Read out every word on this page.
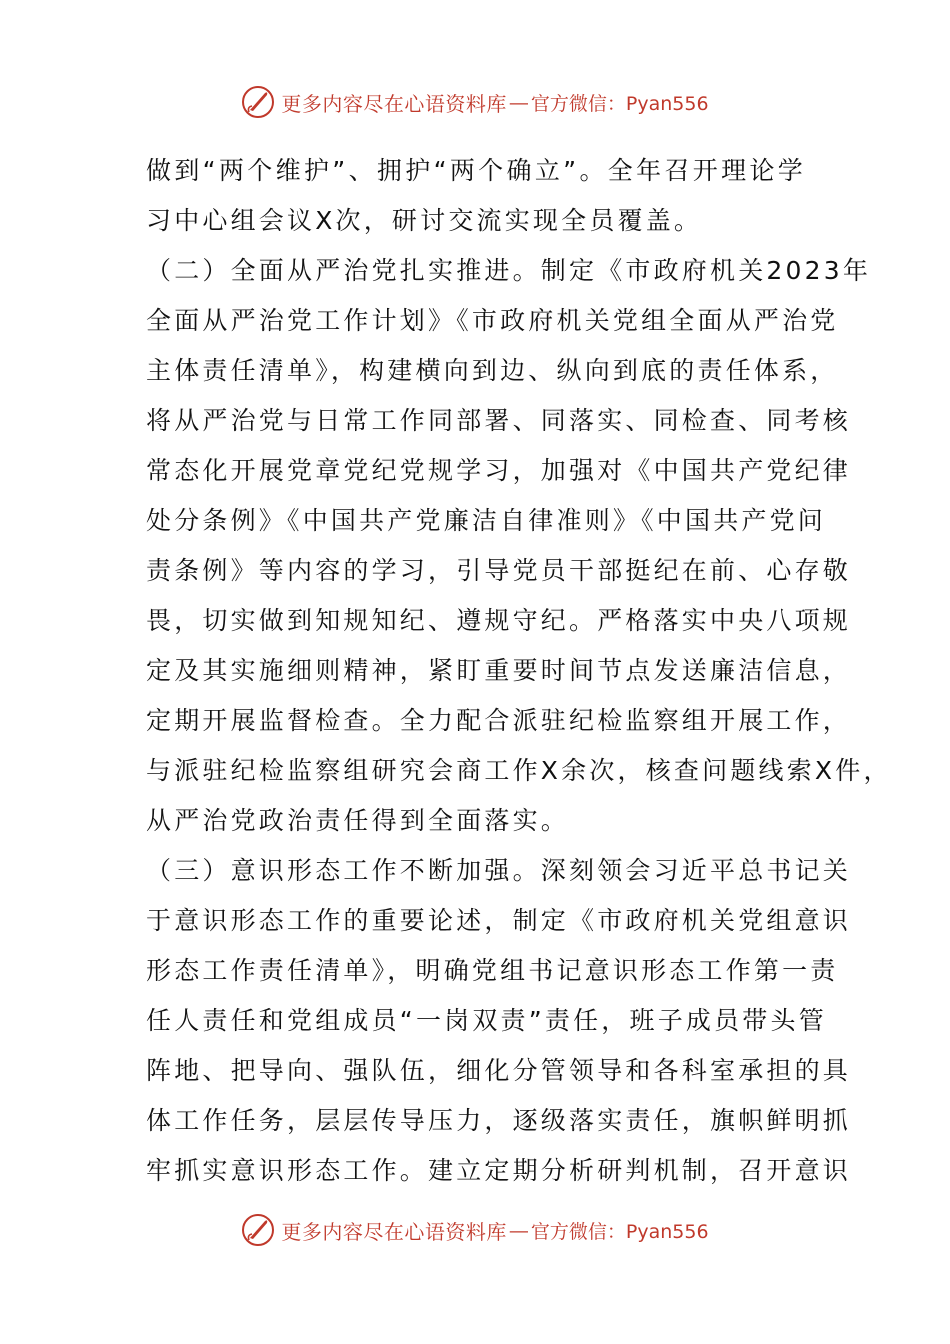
更多内容尽在心语资料库 — 官方微信：Pyan556
做到“两个维护”、拥护“两个确立”。全年召开理论学
习中心组会议X次，研讨交流实现全员覆盖。
（二）全面从严治党扎实推进。制定《市政府机关2023年
全面从严治党工作计划》《市政府机关党组全面从严治党
主体责任清单》，构建横向到边、纵向到底的责任体系，
将从严治党与日常工作同部署、同落实、同检查、同考核
常态化开展党章党纪党规学习，加强对《中国共产党纪律
处分条例》《中国共产党廉洁自律准则》《中国共产党问
责条例》等内容的学习，引导党员干部挺纪在前、心存敬
畏，切实做到知规知纪、遵规守纪。严格落实中央八项规
定及其实施细则精神，紧盯重要时间节点发送廉洁信息，
定期开展监督检查。全力配合派驻纪检监察组开展工作，
与派驻纪检监察组研究会商工作X余次，核查问题线索X件，
从严治党政治责任得到全面落实。
（三）意识形态工作不断加强。深刻领会习近平总书记关
于意识形态工作的重要论述，制定《市政府机关党组意识
形态工作责任清单》，明确党组书记意识形态工作第一责
任人责任和党组成员“一岗双责”责任，班子成员带头管
阵地、把导向、强队伍，细化分管领导和各科室承担的具
体工作任务，层层传导压力，逐级落实责任，旗帜鲜明抓
牢抓实意识形态工作。建立定期分析研判机制，召开意识
更多内容尽在心语资料库 — 官方微信：Pyan556
